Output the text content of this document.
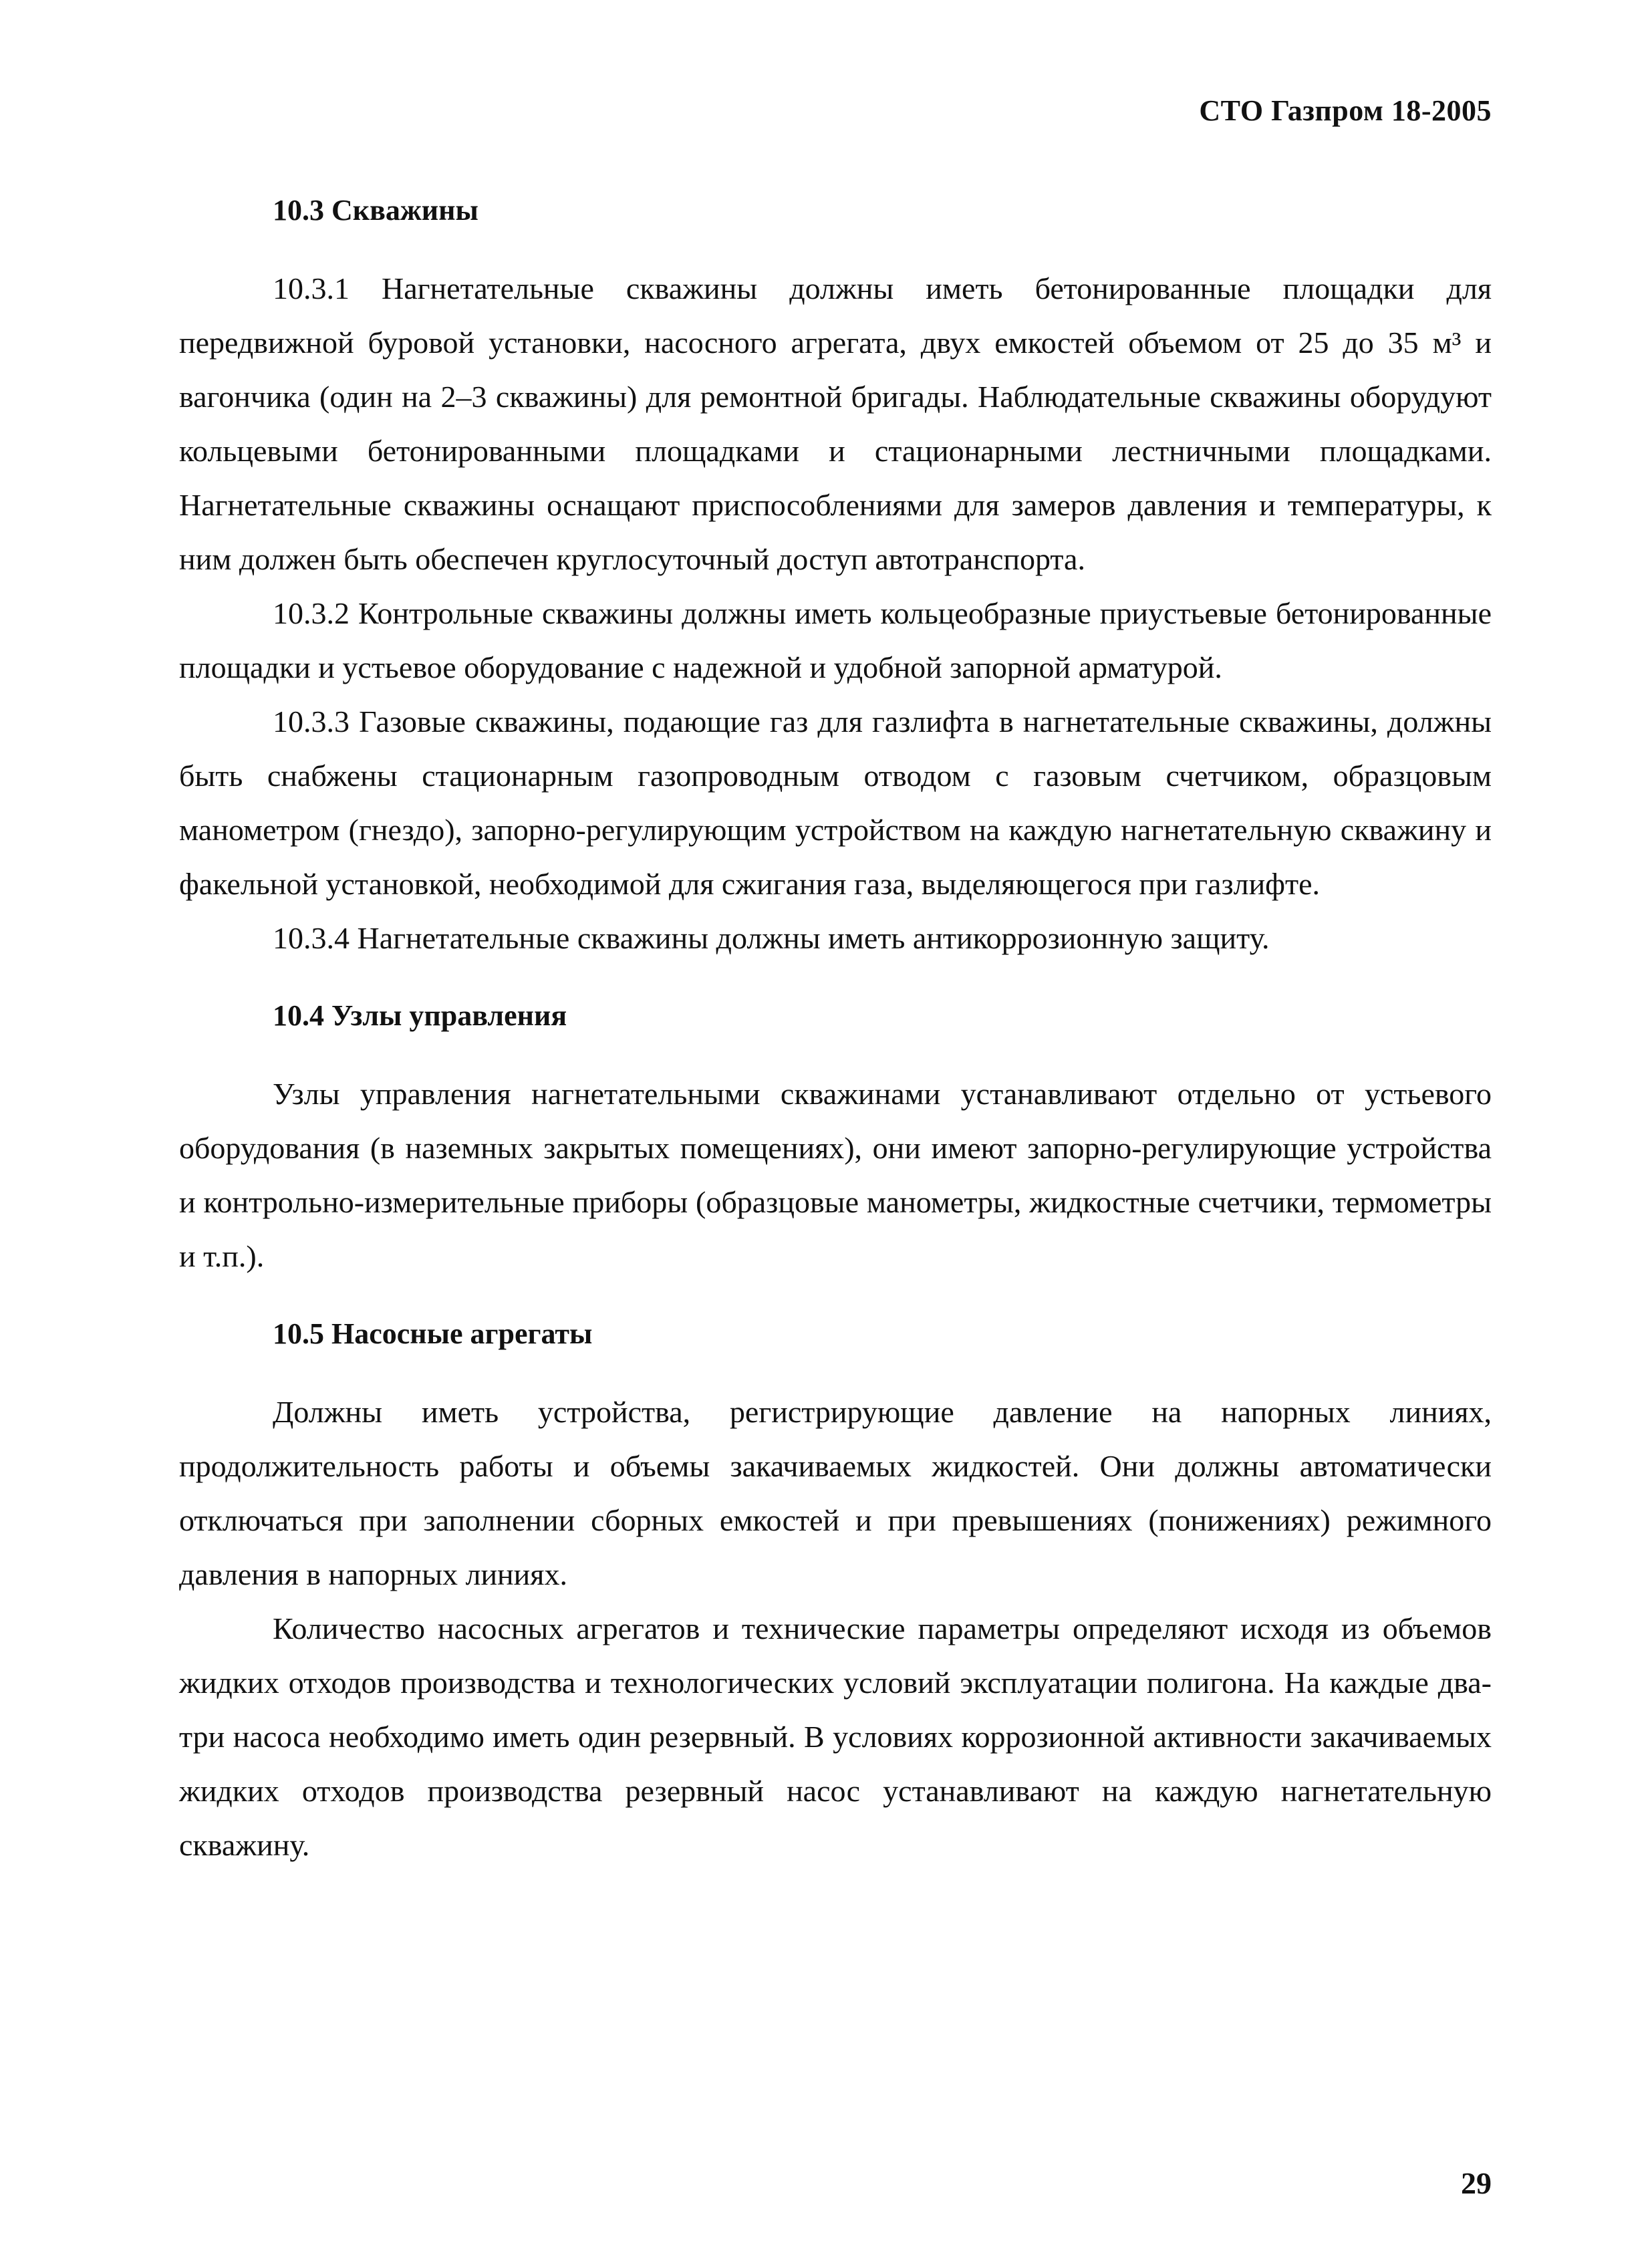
СТО Газпром 18-2005
10.3 Скважины

10.3.1 Нагнетательные скважины должны иметь бетонированные площадки для передвижной буровой установки, насосного агрегата, двух емкостей объемом от 25 до 35 м³ и вагончика (один на 2–3 скважины) для ремонтной бригады. Наблюдательные скважины оборудуют кольцевыми бетонированными площадками и стационарными лестничными площадками. Нагнетательные скважины оснащают приспособлениями для замеров давления и температуры, к ним должен быть обеспечен круглосуточный доступ автотранспорта.

10.3.2 Контрольные скважины должны иметь кольцеобразные приустьевые бетонированные площадки и устьевое оборудование с надежной и удобной запорной арматурой.

10.3.3 Газовые скважины, подающие газ для газлифта в нагнетательные скважины, должны быть снабжены стационарным газопроводным отводом с газовым счетчиком, образцовым манометром (гнездо), запорно-регулирующим устройством на каждую нагнетательную скважину и факельной установкой, необходимой для сжигания газа, выделяющегося при газлифте.

10.3.4 Нагнетательные скважины должны иметь антикоррозионную защиту.

10.4 Узлы управления

Узлы управления нагнетательными скважинами устанавливают отдельно от устьевого оборудования (в наземных закрытых помещениях), они имеют запорно-регулирующие устройства и контрольно-измерительные приборы (образцовые манометры, жидкостные счетчики, термометры и т.п.).

10.5 Насосные агрегаты

Должны иметь устройства, регистрирующие давление на напорных линиях, продолжительность работы и объемы закачиваемых жидкостей. Они должны автоматически отключаться при заполнении сборных емкостей и при превышениях (понижениях) режимного давления в напорных линиях.

Количество насосных агрегатов и технические параметры определяют исходя из объемов жидких отходов производства и технологических условий эксплуатации полигона. На каждые два-три насоса необходимо иметь один резервный. В условиях коррозионной активности закачиваемых жидких отходов производства резервный насос устанавливают на каждую нагнетательную скважину.

29
